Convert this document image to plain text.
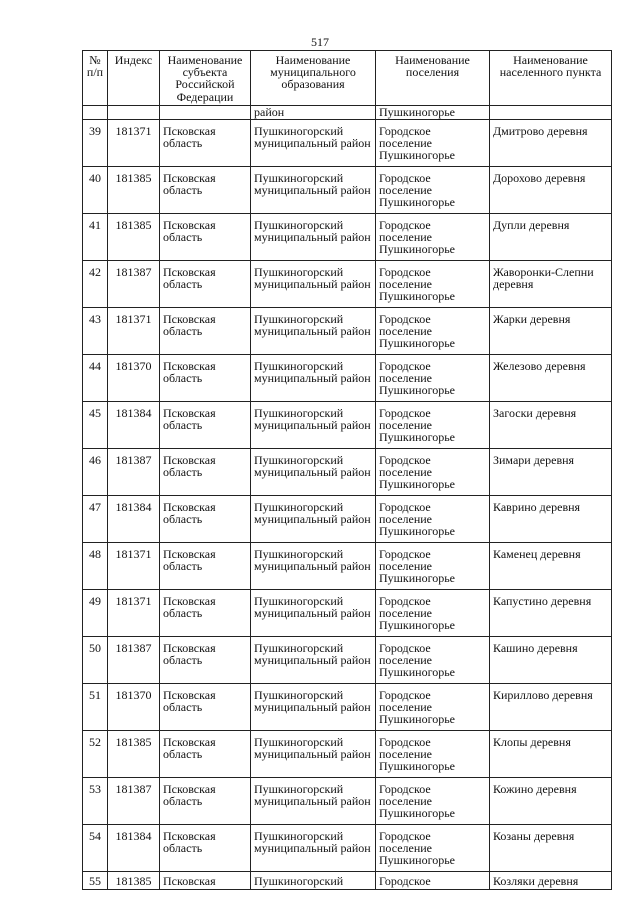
517
№ п/п	Индекс	Наименование субъекта Российской Федерации	Наименование муниципального образования	Наименование поселения	Наименование населенного пункта
			район	Пушкиногорье	
39	181371	Псковская область	Пушкиногорский муниципальный район	Городское поселение Пушкиногорье	Дмитрово деревня
40	181385	Псковская область	Пушкиногорский муниципальный район	Городское поселение Пушкиногорье	Дорохово деревня
41	181385	Псковская область	Пушкиногорский муниципальный район	Городское поселение Пушкиногорье	Дупли деревня
42	181387	Псковская область	Пушкиногорский муниципальный район	Городское поселение Пушкиногорье	Жаворонки-Слепни деревня
43	181371	Псковская область	Пушкиногорский муниципальный район	Городское поселение Пушкиногорье	Жарки деревня
44	181370	Псковская область	Пушкиногорский муниципальный район	Городское поселение Пушкиногорье	Железово деревня
45	181384	Псковская область	Пушкиногорский муниципальный район	Городское поселение Пушкиногорье	Загоски деревня
46	181387	Псковская область	Пушкиногорский муниципальный район	Городское поселение Пушкиногорье	Зимари деревня
47	181384	Псковская область	Пушкиногорский муниципальный район	Городское поселение Пушкиногорье	Каврино деревня
48	181371	Псковская область	Пушкиногорский муниципальный район	Городское поселение Пушкиногорье	Каменец деревня
49	181371	Псковская область	Пушкиногорский муниципальный район	Городское поселение Пушкиногорье	Капустино деревня
50	181387	Псковская область	Пушкиногорский муниципальный район	Городское поселение Пушкиногорье	Кашино деревня
51	181370	Псковская область	Пушкиногорский муниципальный район	Городское поселение Пушкиногорье	Кириллово деревня
52	181385	Псковская область	Пушкиногорский муниципальный район	Городское поселение Пушкиногорье	Клопы деревня
53	181387	Псковская область	Пушкиногорский муниципальный район	Городское поселение Пушкиногорье	Кожино деревня
54	181384	Псковская область	Пушкиногорский муниципальный район	Городское поселение Пушкиногорье	Козаны деревня
55	181385	Псковская	Пушкиногорский	Городское	Козляки деревня
